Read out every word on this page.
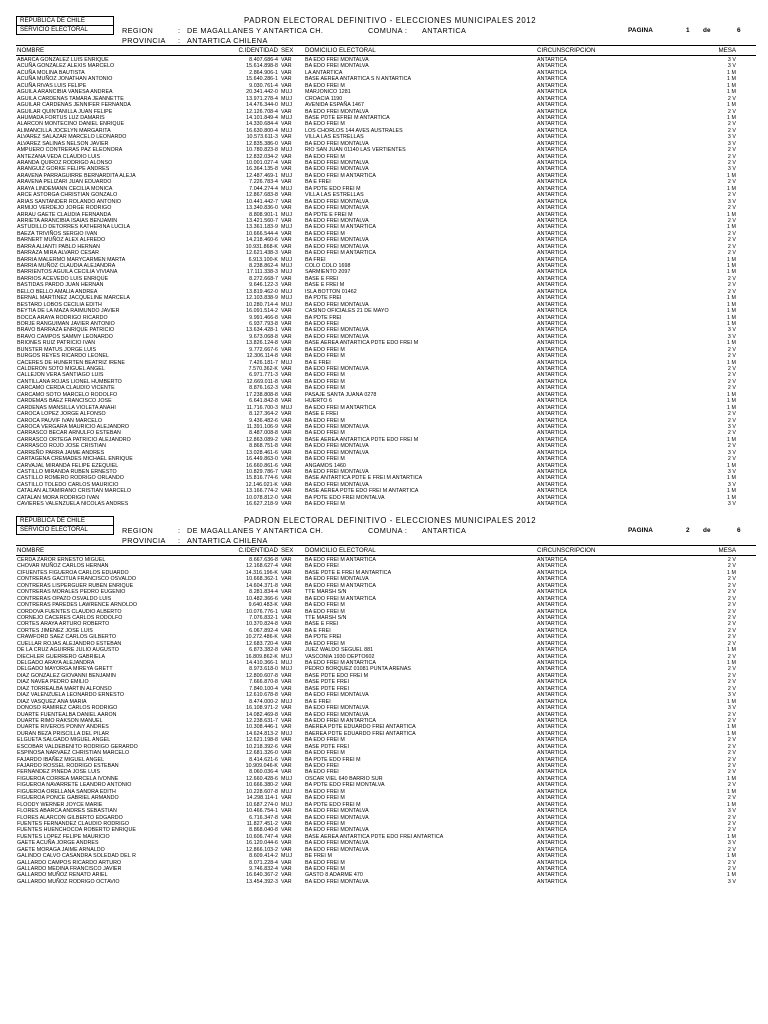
REPUBLICA DE CHILE
SERVICIO ELECTORAL
PADRON ELECTORAL DEFINITIVO - ELECCIONES MUNICIPALES 2012
REGION	: DE MAGALLANES Y ANTARTICA CH.	COMUNA : ANTARTICA	PAGINA	1 de	6
PROVINCIA : ANTARTICA CHILENA
NOMBRE	C.IDENTIDAD SEX DOMICILIO ELECTORAL	CIRCUNSCRIPCION	MESA
ABARCA GONZALEZ LUIS ENRIQUE	8.407.686-4 VAR	BA EDO FREI MONTALVA	ANTARTICA	3 V
ACUÑA GONZALEZ ALEXIS MARCELO	15.614.898-8 VAR	BA EDO FREI MONTALVA	ANTARTICA	3 V
ACUÑA MOLINA BAUTISTA	2.864.906-1 VAR	LA ANTARTICA	ANTARTICA	1 M
ACUÑA MUÑOZ JONATHAN ANTONIO	15.640.286-1 VAR	BASE AEREA ANTARTICA S N ANTARTICA	ANTARTICA	1 M
ACUÑA RIVAS LUIS FELIPE	9.030.761-4 VAR	BA EDO FREI M	ANTARTICA	1 M
AGUILA ARANCIBIA VANESA ANDREA	20.341.442-0 MUJ MARJONICO 1281	ANTARTICA	1 M
AGUILA CARDENAS TAMARA JEANNETTE	13.971.278-4 MUJ CROACIA 1190	ANTARTICA	2 V
AGUILAR CARDENAS JENNIFER FERNANDA	14.476.344-0 MUJ AVENIDA ESPAÑA 1467	ANTARTICA	1 M
AGUILAR QUINTANILLA JUAN FELIPE	12.126.708-4 VAR	BA EDO FREI MONTALVA	ANTARTICA	2 V
AHUMADA FORTUS LUZ DAMARIS	14.101.849-4 MUJ BASE PDTE EFREI M ANTARTICA	ANTARTICA	1 M
ALARCON MONTECINO DANIEL ENRIQUE	14.330.684-4 VAR	BA EDO FREI M	ANTARTICA	2 V
ALIMANCILLA JOCELYN MARGARITA	16.630.800-4 MUJ LOS CHORLOS 144 AVES AUSTRALES	ANTARTICA	2 V
ALVAREZ SALAZAR MARCELO LEONARDO	10.573.611-3 VAR	VILLA LAS ESTRELLAS	ANTARTICA	3 V
ALVAREZ SALINAS NELSON JAVIER	12.835.386-0 VAR	BA EDO FREI MONTALVA	ANTARTICA	3 V
AMPUERO CONTRERAS PAZ ELEONORA	10.780.823-8 MUJ RIO SAN JUAN 01140 LAS VERTIENTES	ANTARTICA	2 V
ANTEZANA VEDA CLAUDIO LUIS	12.832.034-2 VAR	BA EDO FREI M	ANTARTICA	2 V
ARANDA QUIROZ RODRIGO ALONSO	10.001.027-4 VAR	BA EDO FREI MONTALVA	ANTARTICA	2 V
ARANGUIZ GORKE FELIPE ANDRES	16.364.135-8 VAR	BA EDO FREI MONTALVA	ANTARTICA	3 V
ARAVENA PARRAGUIRRE BERNARDITA ALEJA	12.487.469-1 MUJ BA EDO FREI M ANTARTICA	ANTARTICA	1 M
ARAVENA PELIZARI JUAN EDUARDO	7.226.783-4 VAR	BA E FREI	ANTARTICA	2 V
ARAYA LINDEMANN CECILIA MONICA	7.044.274-4 MUJ BA PDTE EDO FREI M	ANTARTICA	1 M
ARCE ASTORGA CHRISTIAN GONZALO	12.867.683-8 VAR	VILLA LAS ESTRELLAS	ANTARTICA	2 V
ARIAS SANTANDER ROLANDO ANTONIO	10.441.442-7 VAR	BA EDO FREI MONTALVA	ANTARTICA	3 V
ARMIJO VERDEJO JORGE RODRIGO	13.340.836-0 VAR	BA EDO FREI MONTALVA	ANTARTICA	2 V
ARRAU GAETE CLAUDIA FERNANDA	8.808.901-1 MUJ BA PDTE E FREI M	ANTARTICA	1 M
ARRIETA ARANCIBIA ISAIAS BENJAMIN	13.421.560-7 VAR	BA EDO FREI MONTALVA	ANTARTICA	2 V
ASTUDILLO DETORRES KATHERINA LUCILA	13.361.183-9 MUJ BA EDO FREI M ANTARTICA	ANTARTICA	1 M
BAEZA TRIVIÑOS SERGIO IVAN	10.666.544-4 VAR	BA EDO FREI M	ANTARTICA	2 V
BARNERT MUÑOZ ALEX ALFREDO	14.218.460-6 VAR	BA EDO FREI MONTALVA	ANTARTICA	2 V
BARRA ALIANTI PABLO HERNAN	10.931.868-K VAR	BA EDO FREI MONTALVA	ANTARTICA	2 V
BARRAZA MIRA ALVARO CESAR	12.621.438-3 VAR	BA EDO FREI M ANTARTICA	ANTARTICA	2 V
BARRIA MALERMO MARYCARMEN MARTA	6.913.100-K MUJ BA FREI	ANTARTICA	1 M
BARRIA MUÑOZ CLAUDIA ALEJANDRA	8.238.862-4 MUJ COLO COLO 1698	ANTARTICA	1 M
BARRIENTOS AGUILA CECILIA VIVIANA	17.111.338-3 MUJ SARMIENTO 2097	ANTARTICA	1 M
BARRIOS ACEVEDO LUIS ENRIQUE	8.272.668-7 VAR	BASE E FREI	ANTARTICA	2 V
BASTIDAS PARDO JUAN HERNAN	9.646.122-3 VAR	BASE E FREI M	ANTARTICA	2 V
BELLO BELLO AMALIA ANDREA	13.819.462-0 MUJ ISLA BOTTON 01462	ANTARTICA	2 V
BERNAL MARTINEZ JACQUELINE MARCELA	12.103.838-9 MUJ BA PDTE FREI	ANTARTICA	1 M
BESTARD LOBOS CECILIA EDITH	10.280.714-4 MUJ BA EDO FREI MONTALVA	ANTARTICA	1 M
BEYTIA DE LA MAZA RAIMUNDO JAVIER	16.091.514-2 VAR	CASINO OFICIALES 21 DE MAYO	ANTARTICA	1 M
BOCCA ARAYA RODRIGO RICARDO	9.991.466-8 VAR	BA PDTE FREI	ANTARTICA	1 M
BORJE RANGUIMAN JAVIER ANTONIO	6.937.793-8 VAR	BA EDO FREI	ANTARTICA	1 M
BRAVO BARRAZA ENRIQUE PATRICIO	13.634.428-1 VAR	BA EDO FREI MONTALVA	ANTARTICA	3 V
BRAVO CAMPOS SAMMY LEONARDO	9.673.068-8 VAR	BA EDO FREI MONTALVA	ANTARTICA	3 V
BRIONES RUIZ PATRICIO IVAN	13.826.124-8 VAR	BASE AEREA ANTARTICA PDTE EDO FREI M	ANTARTICA	1 M
BUNSTER MATUS JORGE LUIS	9.772.667-6 VAR	BA EDO FREI M	ANTARTICA	2 V
BURGOS REYES RICARDO LEONEL	12.306.114-8 VAR	BA EDO FREI M	ANTARTICA	2 V
CACERES DE HUNERTEN BEATRIZ IRENE	7.426.181-7 MUJ BA E FREI	ANTARTICA	1 M
CALDERON SOTO MIGUEL ANGEL	7.570.362-K VAR	BA EDO FREI MONTALVA	ANTARTICA	2 V
CALLEJON VERA SANTIAGO LUIS	6.971.771-3 VAR	BA EDO FREI M	ANTARTICA	2 V
CANTILLANA ROJAS LIONEL HUMBERTO	12.669.011-8 VAR	BA EDO FREI M	ANTARTICA	2 V
CARCAMO CERDA CLAUDIO VICENTE	8.876.162-3 VAR	BA EDO FREI M	ANTARTICA	2 V
CARCAMO SOTO MARCELO RODOLFO	17.238.808-8 VAR	PASAJE SANTA JUANA 0278	ANTARTICA	1 M
CARDEMAS BAEZ FRANCISCO JOSE	6.641.842-8 VAR	HUERTO 6	ANTARTICA	1 M
CARDENAS MANSILLA VIOLETA ANAHI	11.716.700-3 MUJ BA EDO FREI M ANTARTICA	ANTARTICA	1 M
CAROCA LOPEZ JORGE ALFONSO	8.127.364-2 VAR	BASE E FREI	ANTARTICA	2 V
CAROCA PAUVIF IVAN MARCELO	9.436.482-6 VAR	BA EDO FREI M	ANTARTICA	2 V
CAROCA VERGARA MAURICIO ALEJANDRO	11.391.106-9 VAR	BA EDO FREI MONTALVA	ANTARTICA	3 V
CARRASCO BECAR ARNULFO ESTEBAN	8.487.008-8 VAR	BA EDO FREI M	ANTARTICA	2 V
CARRASCO ORTEGA PATRICIO ALEJANDRO	12.863.089-2 VAR	BASE AEREA ANTARTICA PDTE EDO FREI M	ANTARTICA	1 M
CARRASCO ROJO JOSE CRISTIAN	8.868.751-8 VAR	BA EDO FREI MONTALVA	ANTARTICA	2 V
CARREÑO PARRA JAIME ANDRES	13.028.461-6 VAR	BA EDO FREI MONTALVA	ANTARTICA	3 V
CARTAGENA CREMADES MICHAEL ENRIQUE	16.449.863-0 VAR	BA EDO FREI M	ANTARTICA	2 V
CARVAJAL MIRANDA FELIPE EZEQUIEL	16.660.861-6 VAR	ANGAMOS 1460	ANTARTICA	1 M
CASTILLO MIRANDA RUBEN ERNESTO	10.829.786-7 VAR	BA EDO FREI MONTALVA	ANTARTICA	3 V
CASTILLO ROMERO RODRIGO ORLANDO	15.816.774-6 VAR	BASE ANTARTICA PDTE E FREI M ANTARTICA	ANTARTICA	1 M
CASTILLO TOLEDO CARLOS MAURICIO	12.146.021-K VAR	BA EDO FREI MONTALVA	ANTARTICA	3 V
CATALAN ALTAMIRANO CRISTIAN MARCELO	13.166.774-2 VAR	BASE AEREA PDTE EDO FREI M ANTARTICA	ANTARTICA	1 M
CATALAN MORA RODRIGO IVAN	10.078.812-0 VAR	BA PDTE EDO FREI MONTALVA	ANTARTICA	1 M
CAVIERES VALENZUELA NICOLAS ANDRES	16.627.218-9 VAR	BA EDO FREI M	ANTARTICA	3 V
REPUBLICA DE CHILE
SERVICIO ELECTORAL
PADRON ELECTORAL DEFINITIVO - ELECCIONES MUNICIPALES 2012
REGION	: DE MAGALLANES Y ANTARTICA CH.	COMUNA : ANTARTICA	PAGINA	2 de	6
PROVINCIA : ANTARTICA CHILENA
NOMBRE	C.IDENTIDAD SEX DOMICILIO ELECTORAL	CIRCUNSCRIPCION	MESA
CERDA ZAROR ERNESTO MIGUEL	8.667.636-8 VAR	BA EDO FREI M ANTARTICA	ANTARTICA	2 V
CHOVAR MUÑOZ CARLOS HERNAN	12.168.627-4 VAR	BA EDO FREI	ANTARTICA	2 V
CIFUENTES FIGUEROA CARLOS EDUARDO	14.316.196-K VAR	BASE PDTE E FREI M ANTARTICA	ANTARTICA	1 M
CONTRERAS GACITUA FRANCISCO OSVALDO	10.668.362-1 VAR	BA EDO FREI MONTALVA	ANTARTICA	2 V
CONTRERAS LISPERGUER RUBEN ENRIQUE	14.604.371-8 VAR	BA EDO FREI M ANTARTICA	ANTARTICA	2 V
CONTRERAS MORALES PEDRO EUGENIO	8.281.834-4 VAR	TTE MARSH S/N	ANTARTICA	2 V
CONTRERAS OPAZO OSVALDO LUIS	10.482.366-6 VAR	BA EDO FREI M ANTARTICA	ANTARTICA	2 V
CONTRERAS PAREDES LAWRENCE ARNOLDO	9.640.483-K VAR	BA EDO FREI M	ANTARTICA	2 V
CORDOVA FUENTES CLAUDIO ALBERTO	10.076.776-1 VAR	BA EDO FREI M	ANTARTICA	2 V
CORNEJO CACERES CARLOS RODOLFO	7.076.832-1 VAR	TTE MARSH S/N	ANTARTICA	2 V
CORTES ARAYA ARTURO ROBERTO	10.370.824-8 VAR	BASE E FREI	ANTARTICA	2 V
CORTES JIMENEZ JOSE LUIS	6.067.892-4 VAR	BA E FREI	ANTARTICA	2 V
CRAWFORD SAEZ CARLOS GILBERTO	10.272.486-K VAR	BA PDTE FREI	ANTARTICA	2 V
CUELLAR ROJAS ALEJANDRO ESTEBAN	12.683.720-4 VAR	BA EDO FREI M	ANTARTICA	2 V
DE LA CRUZ AGUIRRE JULIO AUGUSTO	6.873.382-8 VAR	JUEZ WALDO SEGUEL 881	ANTARTICA	1 M
DIECHLER GUERRERO GABRIELA	16.809.862-K MUJ VASCONIA 1930 DEPTO602	ANTARTICA	2 V
DELGADO ARAYA ALEJANDRA	14.410.366-1 MUJ BA EDO FREI M ANTARTICA	ANTARTICA	1 M
DELGADO MAYORGA MIREYA GRETT	8.973.618-0 MUJ PEDRO BORQUEZ 01081 PUNTA ARENAS	ANTARTICA	2 V
DIAZ GONZALEZ GIOVANNI BENJAMIN	12.800.607-8 VAR	BASE PDTE EDO FREI M	ANTARTICA	2 V
DIAZ NAVEA PEDRO EMILIO	7.666.870-8 VAR	BASE PDTE FREI	ANTARTICA	2 V
DIAZ TORREALBA MARTIN ALFONSO	7.840.100-4 VAR	BASE PDTE FREI	ANTARTICA	2 V
DIAZ VALENZUELA LEONARDO ERNESTO	12.610.678-8 VAR	BA EDO FREI MONTALVA	ANTARTICA	3 V
DIAZ VASQUEZ ANA MARIA	8.474.000-2 MUJ BA E FREI	ANTARTICA	1 M
DONOSO RAMIREZ CARLOS RODRIGO	16.108.971-2 VAR	BA EDO FREI MONTALVA	ANTARTICA	3 V
DUARTE FUENTEALBA DANIEL AARON	14.082.469-8 VAR	BA EDO FREI MONTALVA	ANTARTICA	2 V
DUARTE RIMO RAKSON MANUEL	12.238.631-7 VAR	BA EDO FREI M ANTARTICA	ANTARTICA	2 V
DUARTE RIVEROS PONNY ANDRES	10.308.446-1 VAR	BAEREA PDTE EDUARDO FREI ANTARTICA	ANTARTICA	1 M
DURAN BEZA PRISCILLA DEL PILAR	14.624.813-2 MUJ BAEREA PDTE EDUARDO FREI ANTARTICA	ANTARTICA	1 M
ELGUETA SALGADO MIGUEL ANGEL	12.621.198-8 VAR	BA EDO FREI M	ANTARTICA	2 V
ESCOBAR VALDEBENITO RODRIGO GERARDO	10.218.392-6 VAR	BASE PDTE FREI	ANTARTICA	2 V
ESPINOSA NARVAEZ CHRISTIAN MARCELO	12.681.326-0 VAR	BA EDO FREI M	ANTARTICA	2 V
FAJARDO IBAÑEZ MIGUEL ANGEL	8.414.621-6 VAR	BA PDTE EDO FREI M	ANTARTICA	2 V
FAJARDO ROSSEL RODRIGO ESTEBAN	10.909.046-K VAR	BA EDO FREI	ANTARTICA	2 V
FERNANDEZ PINEDA JOSE LUIS	8.060.036-4 VAR	BA EDO FREI	ANTARTICA	2 V
FIGUEROA CORREA MARCELA IVONNE	12.660.428-6 MUJ OSCAR VIEL 640 BARRIO SUR	ANTARTICA	1 M
FIGUEROA NAVARRETE LEANDRO ANTONIO	10.666.380-2 VAR	BA PDTE EDO FREI MONTALVA	ANTARTICA	2 V
FIGUEROA ORELLANA SANDRA EDITH	10.228.607-8 MUJ BA EDO FREI M	ANTARTICA	1 M
FIGUEROA PONCE GABRIEL ARMANDO	14.298.114-1 VAR	BA EDO FREI M	ANTARTICA	2 V
FLOODY WERNER JOYCE MARIE	10.687.274-0 MUJ BA PDTE EDO FREI M	ANTARTICA	1 M
FLORES ABARCA ANDRES SEBASTIAN	10.466.754-1 VAR	BA EDO FREI MONTALVA	ANTARTICA	3 V
FLORES ALARCON GILBERTO EDGARDO	6.716.347-8 VAR	BA EDO FREI MONTALVA	ANTARTICA	2 V
FUENTES FERNANDEZ CLAUDIO RODRIGO	11.827.451-2 VAR	BA EDO FREI M	ANTARTICA	2 V
FUENTES HUENCHOCOA ROBERTO ENRIQUE	8.868.040-8 VAR	BA EDO FREI MONTALVA	ANTARTICA	2 V
FUENTES LOPEZ FELIPE MAURICIO	10.606.747-4 VAR	BASE AEREA ANTARTICA PDTE EDO FREI ANTARTICA	ANTARTICA	1 M
GAETE ACUÑA JORGE ANDRES	16.120.044-6 VAR	BA EDO FREI MONTALVA	ANTARTICA	3 V
GAETE MORAGA JAIME ARNALDO	12.866.103-2 VAR	BA EDO FREI MONTALVA	ANTARTICA	2 V
GALINDO CALVO CASANDRA SOLEDAD DEL R	8.609.414-2 MUJ BE FREI M	ANTARTICA	1 M
GALLARDO CAMPOS RICARDO ARTURO	8.071.228-4 VAR	BA EDO FREI M	ANTARTICA	2 V
GALLARDO MEDINA FRANCISCO JAVIER	9.746.832-4 VAR	BA EDO FREI M	ANTARTICA	2 V
GALLARDO MUÑOZ RENATO ARIEL	16.640.367-2 VAR	GASTO 8 ADARME 470	ANTARTICA	1 M
GALLARDO MUÑOZ RODRIGO OCTAVIO	13.454.392-3 VAR	BA EDO FREI MONTALVA	ANTARTICA	3 V
